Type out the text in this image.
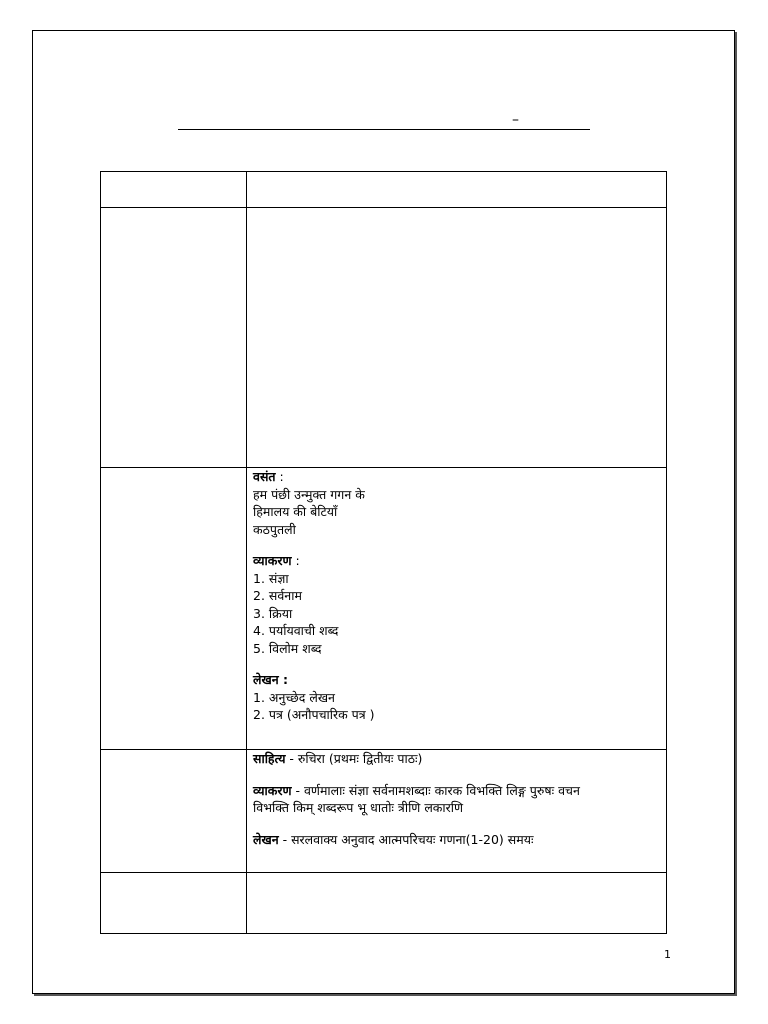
–
वसंत :
हम पंछी उन्मुक्त गगन के
हिमालय की बेटियाँ
कठपुतली
व्याकरण :
1. संज्ञा
2. सर्वनाम
3. क्रिया
4. पर्यायवाची शब्द
5. विलोम शब्द
लेखन :
1. अनुच्छेद लेखन
2. पत्र (अनौपचारिक पत्र )
साहित्य - रुचिरा (प्रथमः द्वितीयः पाठः)
व्याकरण - वर्णमालाः संज्ञा सर्वनामशब्दाः कारक विभक्ति लिङ्ग पुरुषः वचन
विभक्ति किम् शब्दरूप भू धातोः त्रीणि लकारणि
लेखन - सरलवाक्य अनुवाद आत्मपरिचयः गणना(1-20) समयः
1
